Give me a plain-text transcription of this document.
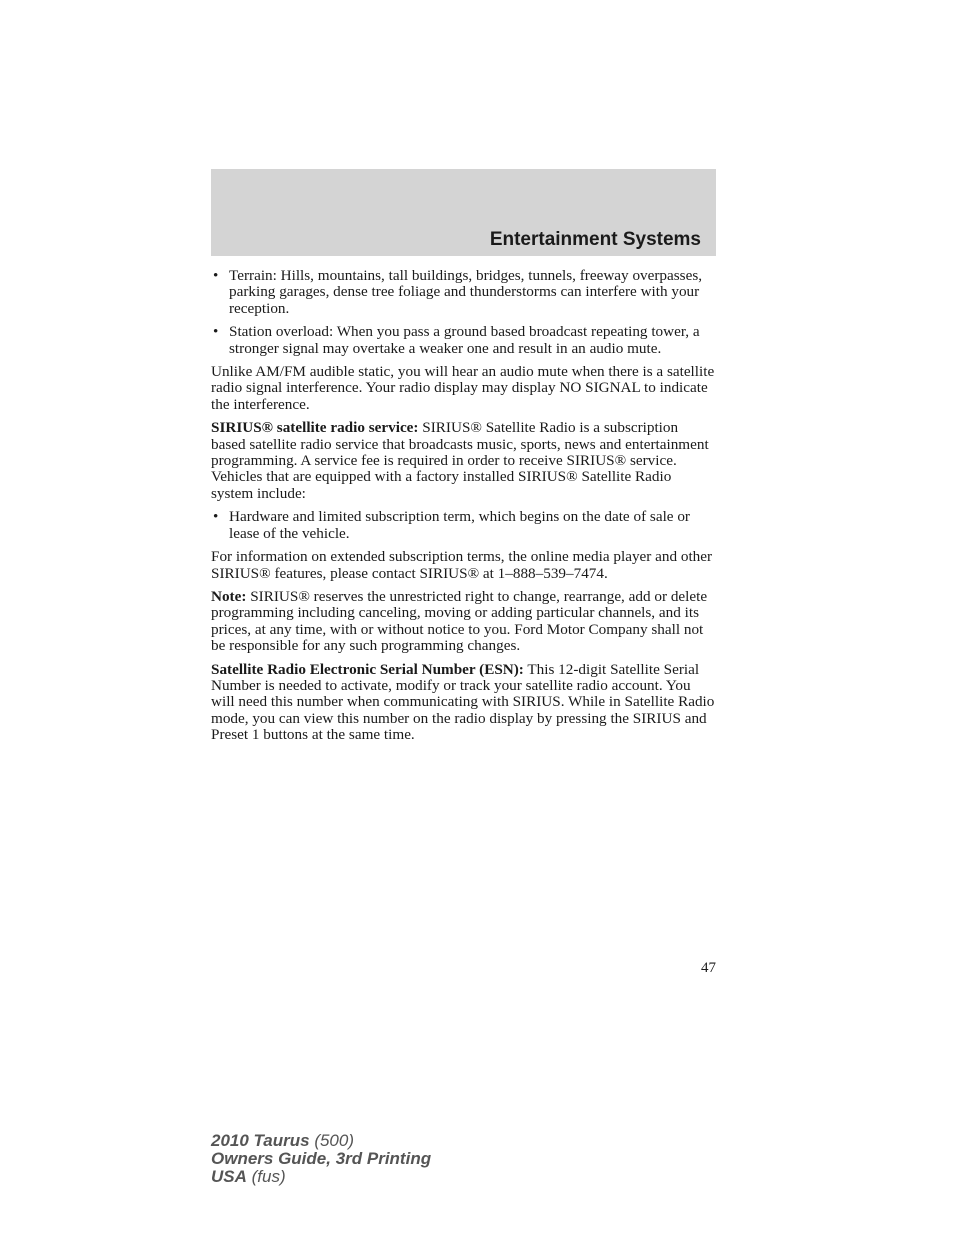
Entertainment Systems
• Terrain: Hills, mountains, tall buildings, bridges, tunnels, freeway overpasses, parking garages, dense tree foliage and thunderstorms can interfere with your reception.
• Station overload: When you pass a ground based broadcast repeating tower, a stronger signal may overtake a weaker one and result in an audio mute.

Unlike AM/FM audible static, you will hear an audio mute when there is a satellite radio signal interference. Your radio display may display NO SIGNAL to indicate the interference.

SIRIUS® satellite radio service: SIRIUS® Satellite Radio is a subscription based satellite radio service that broadcasts music, sports, news and entertainment programming. A service fee is required in order to receive SIRIUS® service. Vehicles that are equipped with a factory installed SIRIUS® Satellite Radio system include:

• Hardware and limited subscription term, which begins on the date of sale or lease of the vehicle.

For information on extended subscription terms, the online media player and other SIRIUS® features, please contact SIRIUS® at 1–888–539–7474.

Note: SIRIUS® reserves the unrestricted right to change, rearrange, add or delete programming including canceling, moving or adding particular channels, and its prices, at any time, with or without notice to you. Ford Motor Company shall not be responsible for any such programming changes.

Satellite Radio Electronic Serial Number (ESN): This 12-digit Satellite Serial Number is needed to activate, modify or track your satellite radio account. You will need this number when communicating with SIRIUS. While in Satellite Radio mode, you can view this number on the radio display by pressing the SIRIUS and Preset 1 buttons at the same time.

47
2010 Taurus (500)
Owners Guide, 3rd Printing
USA (fus)
